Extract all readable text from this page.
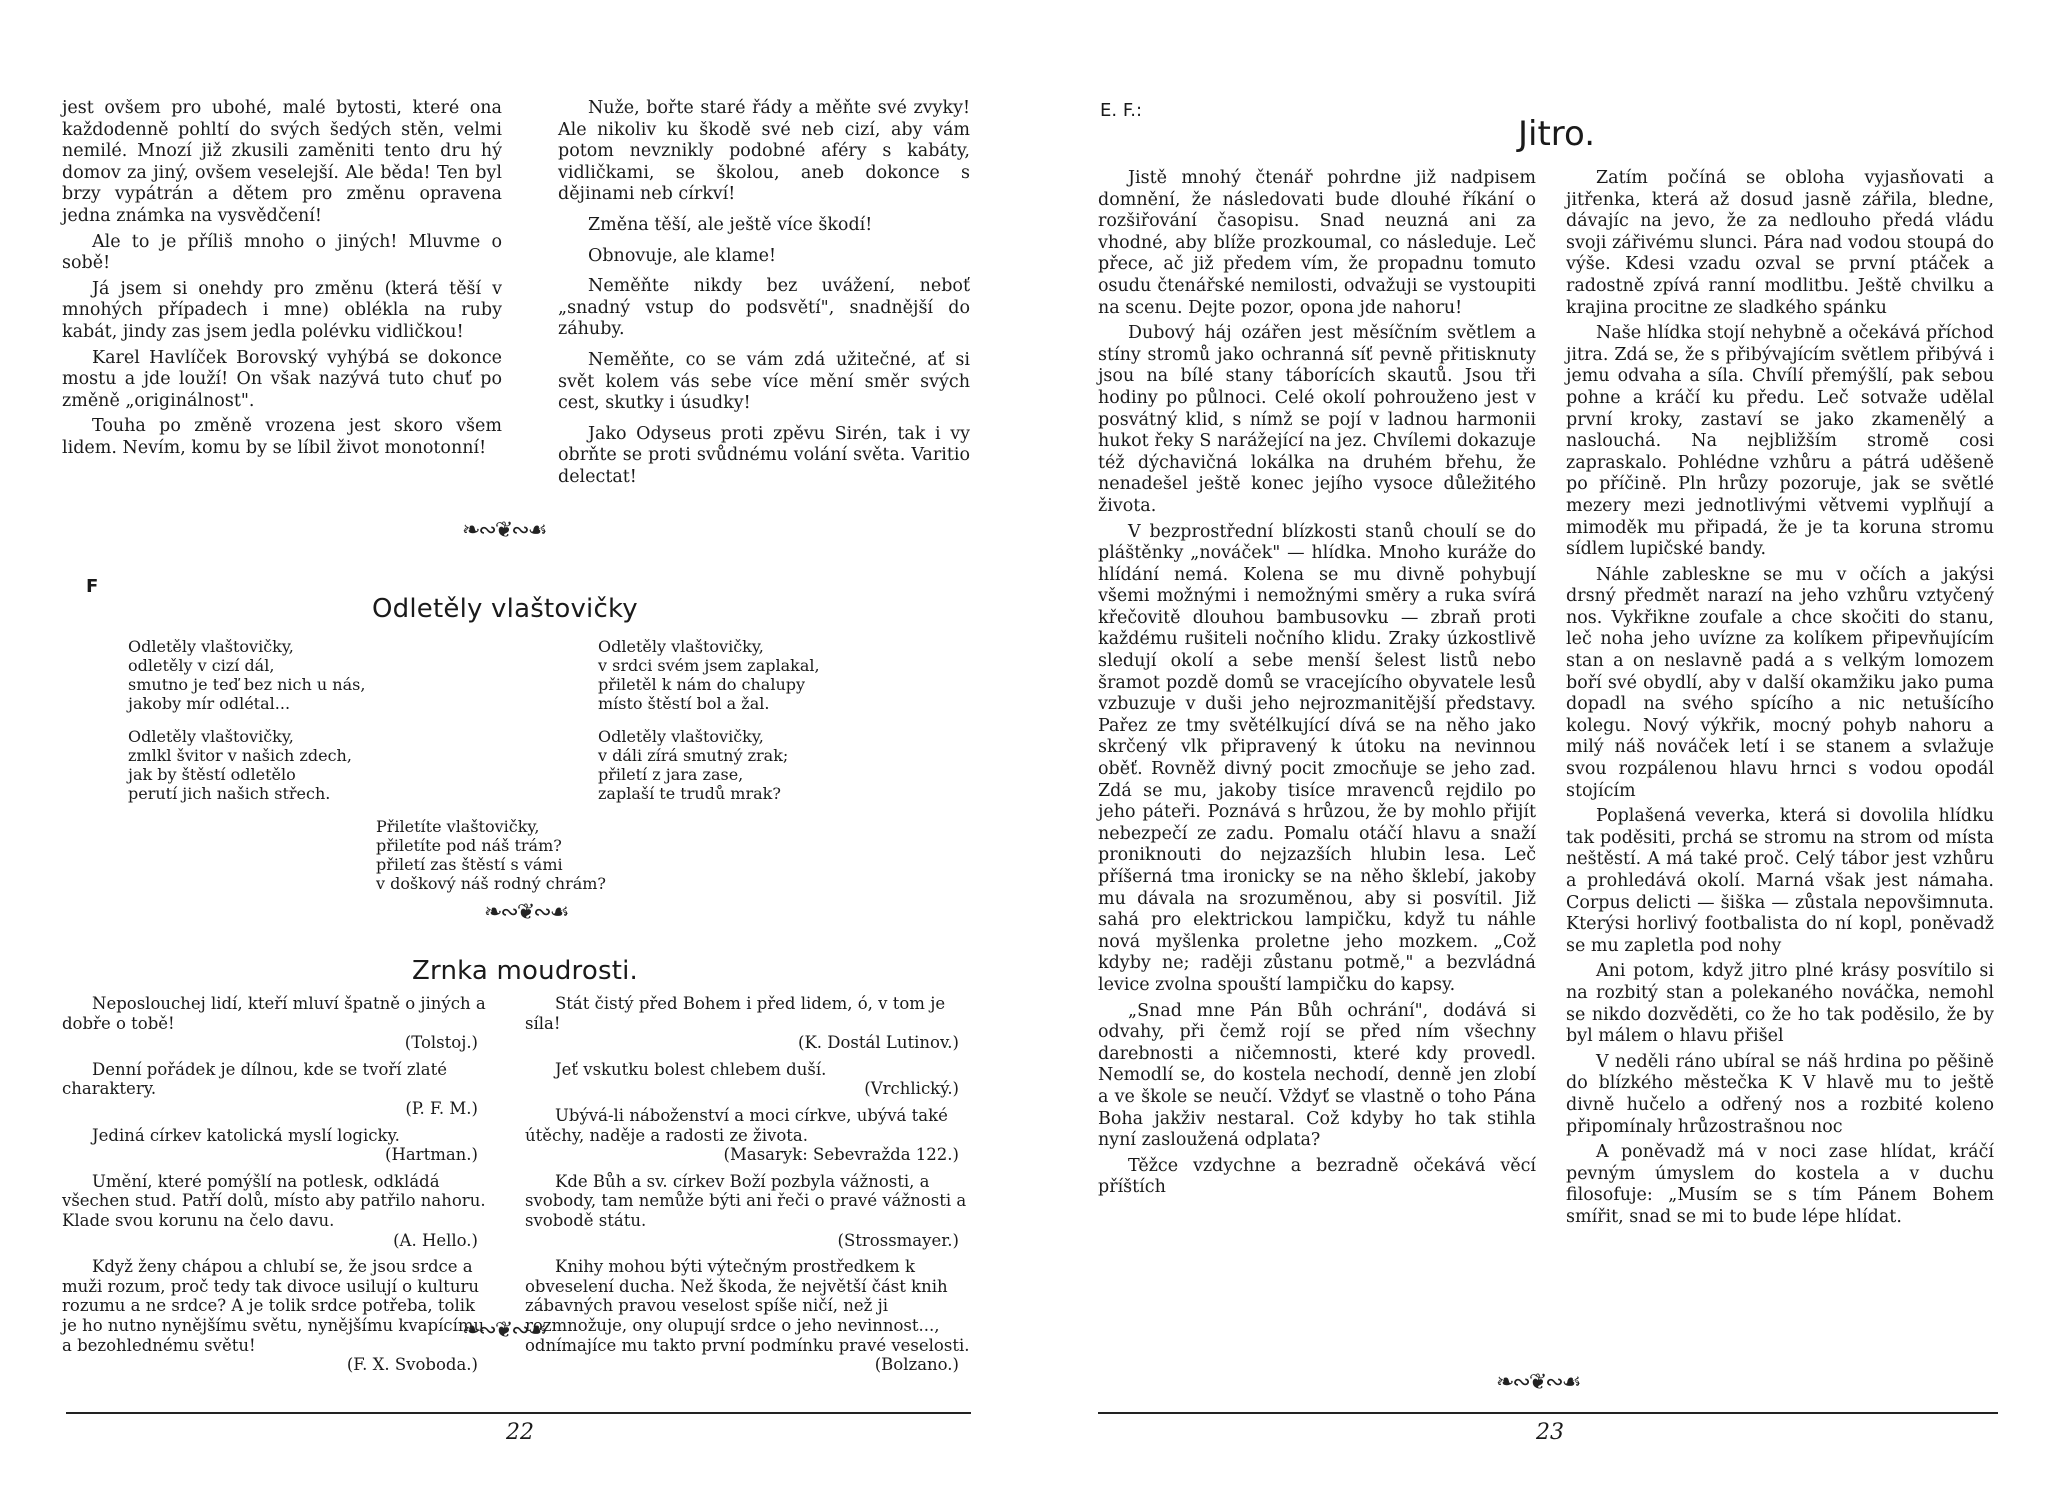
jest ovšem pro ubohé, malé bytosti, které ona každodenně pohltí do svých šedých stěn, velmi nemilé. Mnozí již zkusili zaměniti tento dru hý domov za jiný, ovšem veselejší. Ale běda! Ten byl brzy vypátrán a dětem pro změnu opravena jedna známka na vysvědčení!

Ale to je příliš mnoho o jiných! Mluvme o sobě!

Já jsem si onehdy pro změnu (která těší v mnohých případech i mne) oblékla na ruby kabát, jindy zas jsem jedla polévku vidličkou!

Karel Havlíček Borovský vyhýbá se dokonce mostu a jde louží! On však nazývá tuto chuť po změně „originálnost".

Touha po změně vrozena jest skoro všem lidem. Nevím, komu by se líbil život monotonní!

Nuže, bořte staré řády a měňte své zvyky! Ale nikoliv ku škodě své neb cizí, aby vám potom nevznikly podobné aféry s kabáty, vidličkami, se školou, aneb dokonce s dějinami neb církví!

Změna těší, ale ještě více škodí!

Obnovuje, ale klame!

Neměňte nikdy bez uvážení, neboť „snadný vstup do podsvětí", snadnější do záhuby.

Neměňte, co se vám zdá užitečné, ať si svět kolem vás sebe více mění směr svých cest, skutky i úsudky!

Jako Odyseus proti zpěvu Sirén, tak i vy obrňte se proti svůdnému volání světa. Varitio delectat!

❧∾❦∾☙
F
Odletěly vlaštovičky
Odletěly vlaštovičky,
odletěly v cizí dál,
smutno je teď bez nich u nás,
jakoby mír odlétal...
Odletěly vlaštovičky,
v srdci svém jsem zaplakal,
přiletěl k nám do chalupy
místo štěstí bol a žal.
Odletěly vlaštovičky,
zmlkl švitor v našich zdech,
jak by štěstí odletělo
perutí jich našich střech.
Odletěly vlaštovičky,
v dáli zírá smutný zrak;
přiletí z jara zase,
zaplaší te trudů mrak?
Přiletíte vlaštovičky,
přiletíte pod náš trám?
přiletí zas štěstí s vámi
v doškový náš rodný chrám?
❧∾❦∾☙
Zrnka moudrosti.
Neposlouchej lidí, kteří mluví špatně o jiných a dobře o tobě!
(Tolstoj.)
Denní pořádek je dílnou, kde se tvoří zlaté charaktery.
(P. F. M.)
Jediná církev katolická myslí logicky.
(Hartman.)
Umění, které pomýšlí na potlesk, odkládá všechen stud. Patří dolů, místo aby patřilo nahoru. Klade svou korunu na čelo davu.
(A. Hello.)
Když ženy chápou a chlubí se, že jsou srdce a muži rozum, proč tedy tak divoce usilují o kulturu rozumu a ne srdce? A je tolik srdce potřeba, tolik je ho nutno nynějšímu světu, nynějšímu kvapícímu a bezohlednému světu!
(F. X. Svoboda.)
Stát čistý před Bohem i před lidem, ó, v tom je síla!
(K. Dostál Lutinov.)
Jeť vskutku bolest chlebem duší.
(Vrchlický.)
Ubývá-li náboženství a moci církve, ubývá také útěchy, naděje a radosti ze života.
(Masaryk: Sebevražda 122.)
Kde Bůh a sv. církev Boží pozbyla vážnosti, a svobody, tam nemůže býti ani řeči o pravé vážnosti a svobodě státu.
(Strossmayer.)
Knihy mohou býti výtečným prostředkem k obveselení ducha. Než škoda, že největší část knih zábavných pravou veselost spíše ničí, než ji rozmnožuje, ony olupují srdce o jeho nevinnost..., odnímajíce mu takto první podmínku pravé veselosti.
(Bolzano.)
❧∾❦∾☙
22
E. F.:
Jitro.

Jistě mnohý čtenář pohrdne již nadpisem domnění, že následovati bude dlouhé říkání o rozšiřování časopisu. Snad neuzná ani za vhodné, aby blíže prozkoumal, co následuje. Leč přece, ač již předem vím, že propadnu tomuto osudu čtenářské nemilosti, odvažuji se vystoupiti na scenu. Dejte pozor, opona jde nahoru!

Dubový háj ozářen jest měsíčním světlem a stíny stromů jako ochranná síť pevně přitisknuty jsou na bílé stany táborících skautů. Jsou tři hodiny po půlnoci. Celé okolí pohrouženo jest v posvátný klid, s nímž se pojí v ladnou harmonii hukot řeky S narážející na jez. Chvílemi dokazuje též dýchavičná lokálka na druhém břehu, že nenadešel ještě konec jejího vysoce důležitého života.

V bezprostřední blízkosti stanů choulí se do pláštěnky „nováček" — hlídka. Mnoho kuráže do hlídání nemá. Kolena se mu divně pohybují všemi možnými i nemožnými směry a ruka svírá křečovitě dlouhou bambusovku — zbraň proti každému rušiteli nočního klidu. Zraky úzkostlivě sledují okolí a sebe menší šelest listů nebo šramot pozdě domů se vracejícího obyvatele lesů vzbuzuje v duši jeho nejrozmanitější představy. Pařez ze tmy světélkující dívá se na něho jako skrčený vlk připravený k útoku na nevinnou oběť. Rovněž divný pocit zmocňuje se jeho zad. Zdá se mu, jakoby tisíce mravenců rejdilo po jeho páteři. Poznává s hrůzou, že by mohlo přijít nebezpečí ze zadu. Pomalu otáčí hlavu a snaží proniknouti do nejzazších hlubin lesa. Leč příšerná tma ironicky se na něho šklebí, jakoby mu dávala na srozuměnou, aby si posvítil. Již sahá pro elektrickou lampičku, když tu náhle nová myšlenka proletne jeho mozkem. „Což kdyby ne; raději zůstanu potmě," a bezvládná levice zvolna spouští lampičku do kapsy.

„Snad mne Pán Bůh ochrání", dodává si odvahy, při čemž rojí se před ním všechny darebnosti a ničemnosti, které kdy provedl. Nemodlí se, do kostela nechodí, denně jen zlobí a ve škole se neučí. Vždyť se vlastně o toho Pána Boha jakživ nestaral. Což kdyby ho tak stihla nyní zasloužená odplata?

Těžce vzdychne a bezradně očekává věcí příštích

Zatím počíná se obloha vyjasňovati a jitřenka, která až dosud jasně zářila, bledne, dávajíc na jevo, že za nedlouho předá vládu svoji zářivému slunci. Pára nad vodou stoupá do výše. Kdesi vzadu ozval se první ptáček a radostně zpívá ranní modlitbu. Ještě chvilku a krajina procitne ze sladkého spánku

Naše hlídka stojí nehybně a očekává příchod jitra. Zdá se, že s přibývajícím světlem přibývá i jemu odvaha a síla. Chvílí přemýšlí, pak sebou pohne a kráčí ku předu. Leč sotvaže udělal první kroky, zastaví se jako zkamenělý a naslouchá. Na nejbližším stromě cosi zapraskalo. Pohlédne vzhůru a pátrá uděšeně po příčině. Pln hrůzy pozoruje, jak se světlé mezery mezi jednotlivými větvemi vyplňují a mimoděk mu připadá, že je ta koruna stromu sídlem lupičské bandy.

Náhle zableskne se mu v očích a jakýsi drsný předmět narazí na jeho vzhůru vztyčený nos. Vykřikne zoufale a chce skočiti do stanu, leč noha jeho uvízne za kolíkem připevňujícím stan a on neslavně padá a s velkým lomozem boří své obydlí, aby v další okamžiku jako puma dopadl na svého spícího a nic netušícího kolegu. Nový výkřik, mocný pohyb nahoru a milý náš nováček letí i se stanem a svlažuje svou rozpálenou hlavu hrnci s vodou opodál stojícím

Poplašená veverka, která si dovolila hlídku tak poděsiti, prchá se stromu na strom od místa neštěstí. A má také proč. Celý tábor jest vzhůru a prohledává okolí. Marná však jest námaha. Corpus delicti — šiška — zůstala nepovšimnuta. Kterýsi horlivý footbalista do ní kopl, poněvadž se mu zapletla pod nohy

Ani potom, když jitro plné krásy posvítilo si na rozbitý stan a polekaného nováčka, nemohl se nikdo dozvěděti, co že ho tak poděsilo, že by byl málem o hlavu přišel

V neděli ráno ubíral se náš hrdina po pěšině do blízkého městečka K V hlavě mu to ještě divně hučelo a odřený nos a rozbité koleno připomínaly hrůzostrašnou noc

A poněvadž má v noci zase hlídat, kráčí pevným úmyslem do kostela a v duchu filosofuje: „Musím se s tím Pánem Bohem smířit, snad se mi to bude lépe hlídat.

❧∾❦∾☙
23
